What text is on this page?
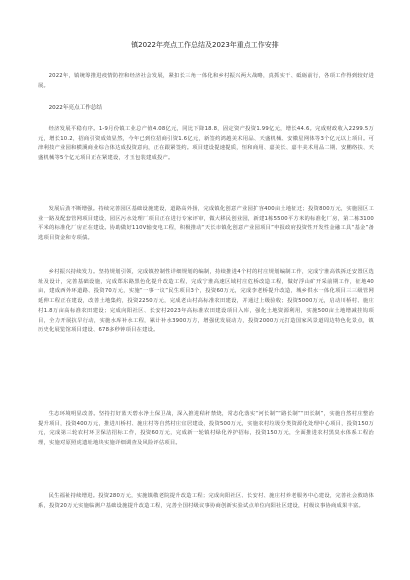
镇2022年亮点工作总结及2023年重点工作安排

2022年，镇统筹推进疫情防控和经济社会发展，紧扣长三角一体化和乡村振兴两大战略，真抓实干、砥砺前行，各项工作得到较好进展。

2022年亮点工作总结

经济发展平稳有序。1-9月份镇工业总产值4.08亿元，同比下降18.8，固定资产投资1.99亿元，增长44.6。完成财政收入2299.5万元，增长10.2，招商引资成效显然，今年已到位招商引资1.6亿元，新签约鸿越美术用品、天盛机械、安徽星网体等3个亿元以上项目。可津利技产业园和横溪商业综合体达成投资意向，正在跟紧签约。项目建设提速提质，恒和商用、嘉美长、嘉丰美术用品二期、安鹏络扶、天盛机械等5个亿元项目正在紧建设，才玉包装建成投产。

发展后劲不断增强。持续完善园区基础设施建设，道路高外扬，完成镇化创意产业园扩容400亩土地征迁；投资800万元，实施园区工业一路及配套管网项目建设，园区污水处理厂项目正在进行专家评审，做大移民创业园，新建1栋5500平方米的标准化厂房，第二栋3100平米的标准化厂房正在建设。协助做好110V输变电工程，积极推动“天长市镇化创意产业园项目”申报政府投资性开发性金融工具“基金”备选项目资金和专项债。

乡村振兴持续发力。坚持规划引领，完成镇控制性详细规划的编制，持续推进4个村的村庄规划编制工作，完成宁淮高铁拆迁安置区选址及设计，完善基础设施，完成郑东路黑色化提升改造工程，完成宁淮高速区域村庄危桥改造工程，做好浮山矿开采前期工作，征地40亩，建成西外环道路、投资70万元，实施“一事一议”民生项目3个，投资60万元，完成李老桥提升改造，城乡供水一体化项目三三级管网延伸工程正在建设，改善土地集约，投资2250万元，完成老山村高标准农田建设，并通过上级验收；投资5000万元，启动川桥村、施庄村1.8万亩高标准农田建设；完成向阳社区、长安村2023年高标准农田建设项目入库，强化土地资源利用，实施500亩土地增减挂钩项目，全力开展抗旱行动，实施水库补水工程，累计补水3900万方，增强优发展动力，投资2000万元打造国家风景道周边特色化景点，镇历史化展览馆项目建设、678多秒钟项目在建设。

生态环境明显改善。坚持打好蓝天碧水净土保卫战，深入推进秸秆禁烧，常态化落实“河长制”“路长制”“田长制”，实施自然村庄整治提升项目，投资400万元，推进川桥村、施庄村等自然村庄宜居建设，投资500万元，实施农村垃圾分类资源化处理中心项目，投资150万元，完成第三轮农村环卫保洁招标工作，投资60万元，完成新一轮镇村绿化养护招标，投资150万元，全面推进农村黑臭水体系工程治理，实施对原照虎遗址地块实施详细调查及风险评估项目。

民生福祉持续增进。投资280万元，实施镇敬老院提升改造工程；完成向阳社区、长安村、施庄村养老服务中心建设，完善社会救助体系，投资20万元实施临测户基础设施提升改造工程，完善全国村级议事协商创新实验试点单位向阳社区建设，村级议事协商成果丰富。
